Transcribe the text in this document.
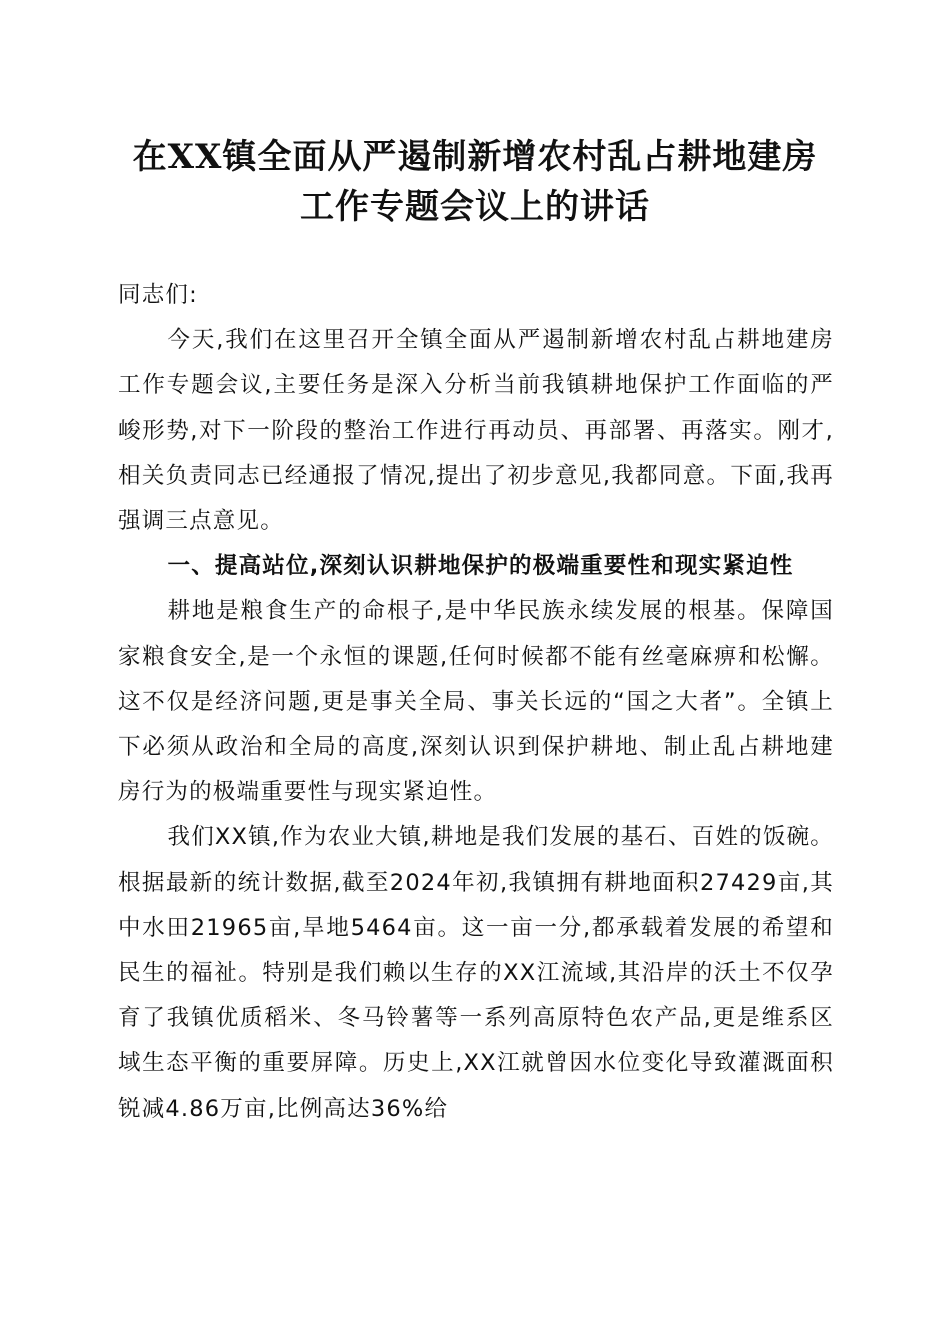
在XX镇全面从严遏制新增农村乱占耕地建房
工作专题会议上的讲话

同志们:

今天,我们在这里召开全镇全面从严遏制新增农村乱占耕地建房工作专题会议,主要任务是深入分析当前我镇耕地保护工作面临的严峻形势,对下一阶段的整治工作进行再动员、再部署、再落实。刚才,相关负责同志已经通报了情况,提出了初步意见,我都同意。下面,我再强调三点意见。

一、提高站位,深刻认识耕地保护的极端重要性和现实紧迫性

耕地是粮食生产的命根子,是中华民族永续发展的根基。保障国家粮食安全,是一个永恒的课题,任何时候都不能有丝毫麻痹和松懈。这不仅是经济问题,更是事关全局、事关长远的“国之大者”。全镇上下必须从政治和全局的高度,深刻认识到保护耕地、制止乱占耕地建房行为的极端重要性与现实紧迫性。

我们XX镇,作为农业大镇,耕地是我们发展的基石、百姓的饭碗。根据最新的统计数据,截至2024年初,我镇拥有耕地面积27429亩,其中水田21965亩,旱地5464亩。这一亩一分,都承载着发展的希望和民生的福祉。特别是我们赖以生存的XX江流域,其沿岸的沃土不仅孕育了我镇优质稻米、冬马铃薯等一系列高原特色农产品,更是维系区域生态平衡的重要屏障。历史上,XX江就曾因水位变化导致灌溉面积锐减4.86万亩,比例高达36%给
